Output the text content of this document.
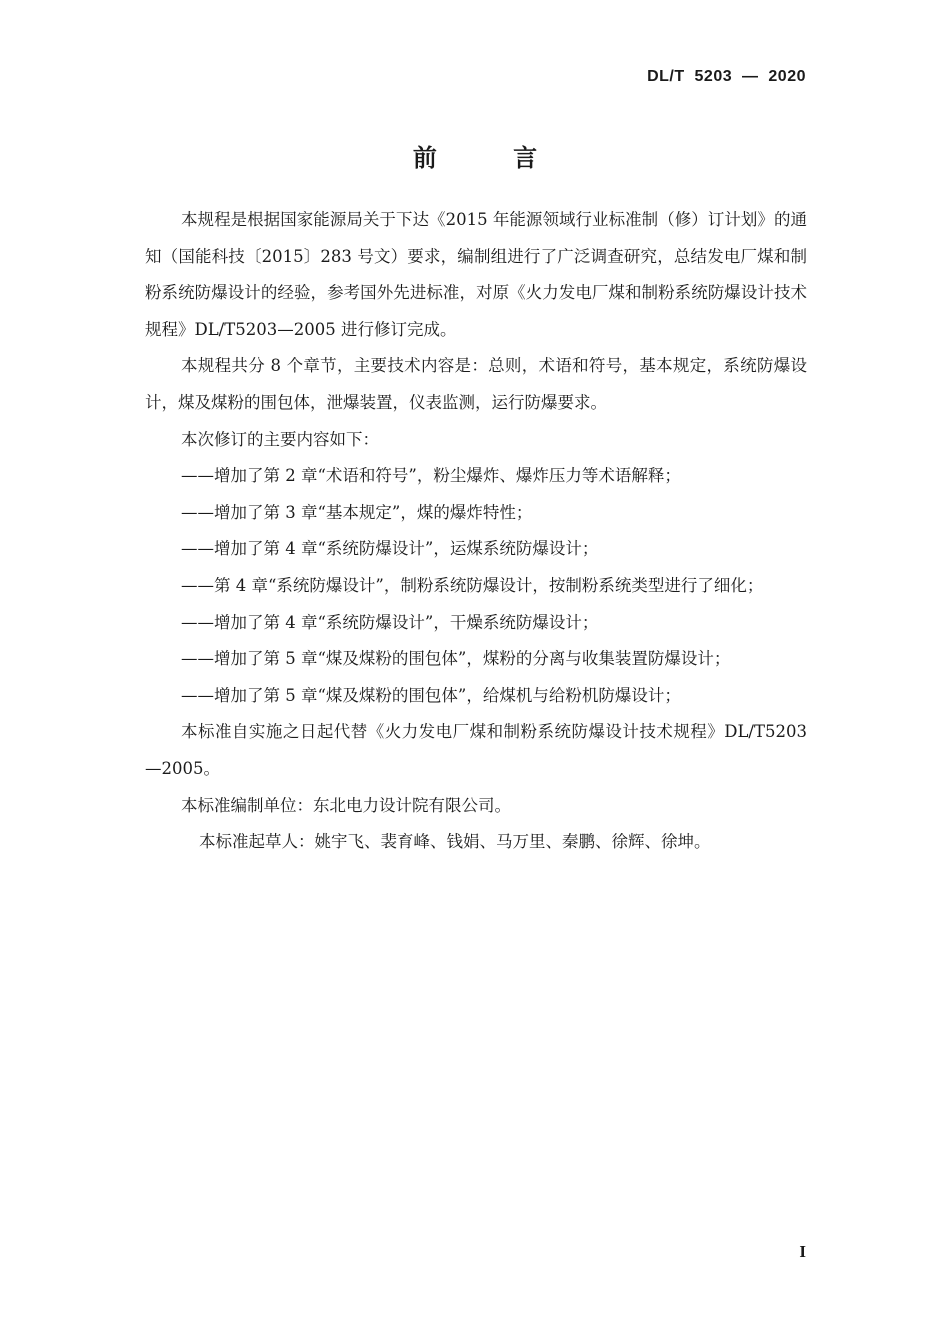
DL/T  5203  —  2020
前 言

本规程是根据国家能源局关于下达《2015 年能源领域行业标准制（修）订计划》的通知（国能科技〔2015〕283 号文）要求，编制组进行了广泛调查研究，总结发电厂煤和制粉系统防爆设计的经验，参考国外先进标准，对原《火力发电厂煤和制粉系统防爆设计技术规程》DL/T5203—2005 进行修订完成。

本规程共分 8 个章节，主要技术内容是：总则，术语和符号，基本规定，系统防爆设计，煤及煤粉的围包体，泄爆装置，仪表监测，运行防爆要求。

本次修订的主要内容如下：

——增加了第 2 章“术语和符号”，粉尘爆炸、爆炸压力等术语解释；

——增加了第 3 章“基本规定”，煤的爆炸特性；

——增加了第 4 章“系统防爆设计”，运煤系统防爆设计；

——第 4 章“系统防爆设计”，制粉系统防爆设计，按制粉系统类型进行了细化；

——增加了第 4 章“系统防爆设计”，干燥系统防爆设计；

——增加了第 5 章“煤及煤粉的围包体”，煤粉的分离与收集装置防爆设计；

——增加了第 5 章“煤及煤粉的围包体”，给煤机与给粉机防爆设计；

本标准自实施之日起代替《火力发电厂煤和制粉系统防爆设计技术规程》DL/T5203—2005。

本标准编制单位：东北电力设计院有限公司。

本标准起草人：姚宇飞、裴育峰、钱娟、马万里、秦鹏、徐辉、徐坤。

I
